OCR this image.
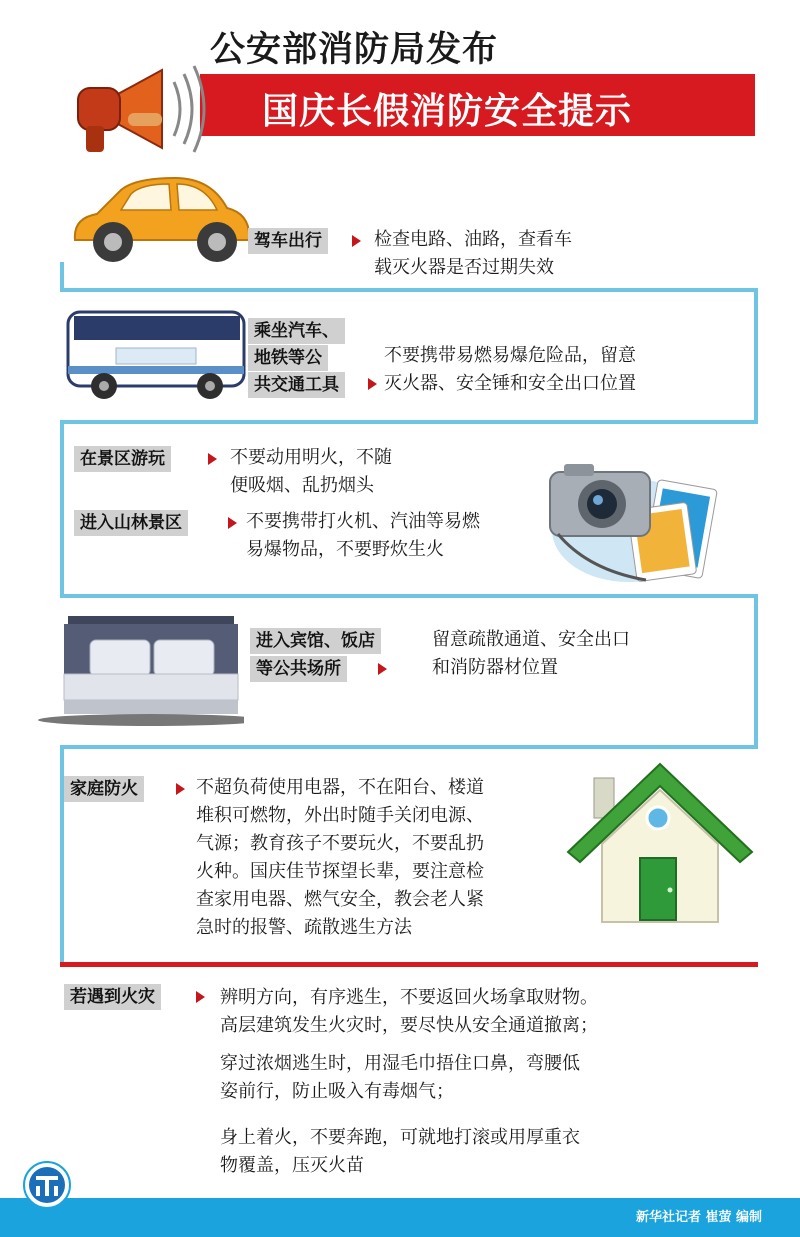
公安部消防局发布
国庆长假消防安全提示
驾车出行	检查电路、油路，查看车
载灭火器是否过期失效
乘坐汽车、
地铁等公
共交通工具
不要携带易燃易爆危险品，留意
灭火器、安全锤和安全出口位置
在景区游玩	不要动用明火，不随
便吸烟、乱扔烟头
进入山林景区	不要携带打火机、汽油等易燃
易爆物品，不要野炊生火
进入宾馆、饭店
等公共场所
留意疏散通道、安全出口
和消防器材位置
家庭防火	不超负荷使用电器，不在阳台、楼道
堆积可燃物，外出时随手关闭电源、
气源；教育孩子不要玩火，不要乱扔
火种。国庆佳节探望长辈，要注意检
查家用电器、燃气安全，教会老人紧
急时的报警、疏散逃生方法
若遇到火灾	辨明方向，有序逃生，不要返回火场拿取财物。
高层建筑发生火灾时，要尽快从安全通道撤离；
穿过浓烟逃生时，用湿毛巾捂住口鼻，弯腰低
姿前行，防止吸入有毒烟气；
身上着火，不要奔跑，可就地打滚或用厚重衣
物覆盖，压灭火苗
新华社记者 崔萤 编制
